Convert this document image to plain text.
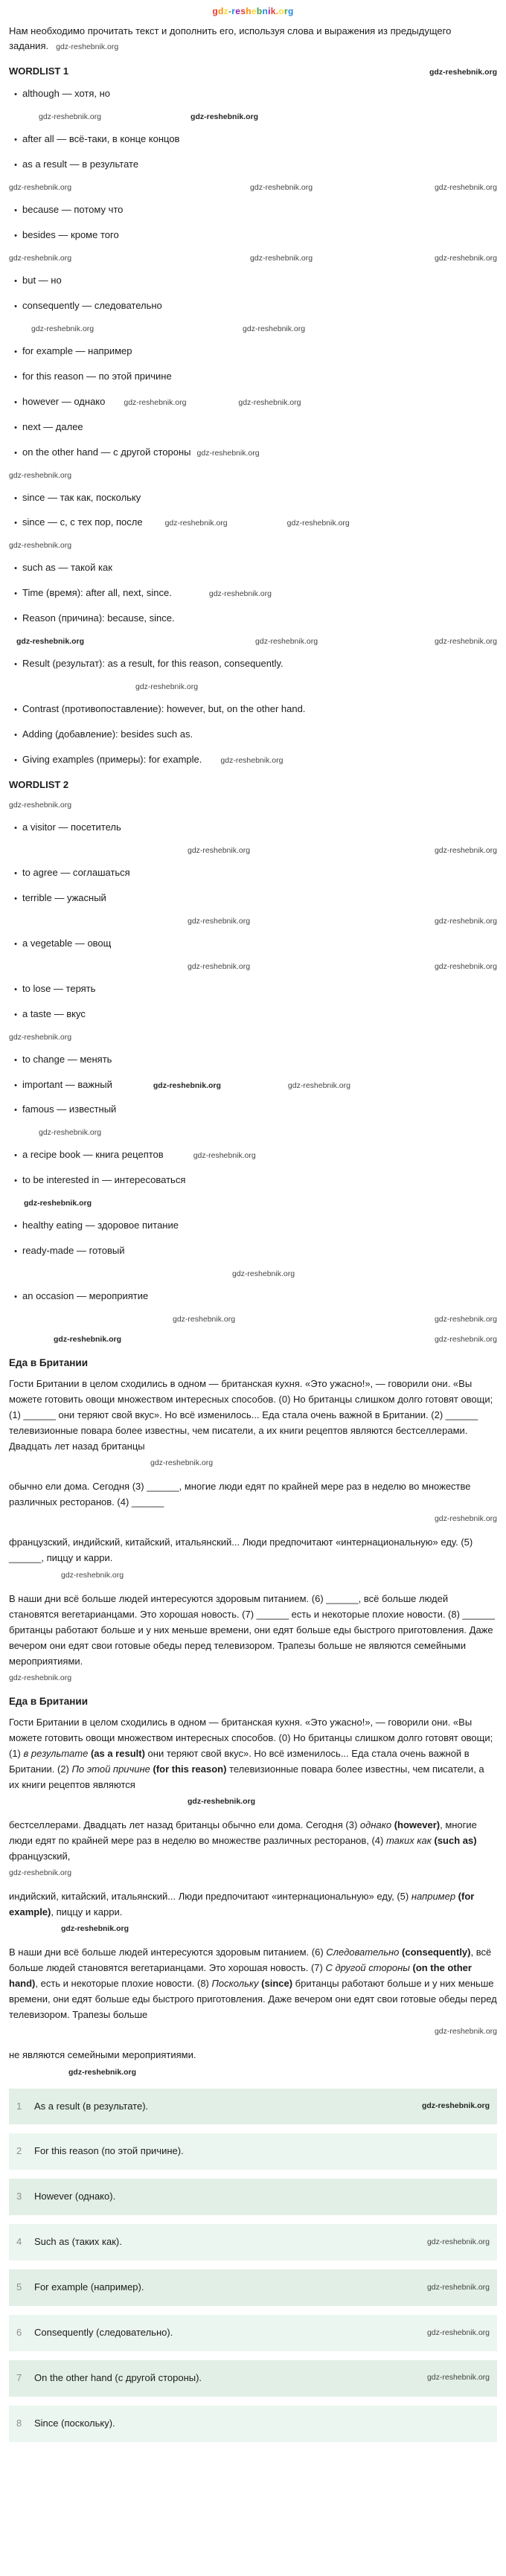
gdz-reshebnik.org

Нам необходимо прочитать текст и дополнить его, используя слова и выражения из предыдущего задания. gdz-reshebnik.org

WORDLIST 1	gdz-reshebnik.org
• although — хотя, но
gdz-reshebnik.org	gdz-reshebnik.org
• after all — всё-таки, в конце концов
• as a result — в результате
gdz-reshebnik.org	gdz-reshebnik.org	gdz-reshebnik.org
• because — потому что
• besides — кроме того
gdz-reshebnik.org	gdz-reshebnik.org	gdz-reshebnik.org
• but — но
• consequently — следовательно
gdz-reshebnik.org	gdz-reshebnik.org
• for example — например
• for this reason — по этой причине
• however — однако gdz-reshebnik.org	gdz-reshebnik.org
• next — далее
• on the other hand — с другой стороны gdz-reshebnik.org
gdz-reshebnik.org
• since — так как, поскольку
• since — с, с тех пор, после	gdz-reshebnik.org	gdz-reshebnik.org
gdz-reshebnik.org
• such as — такой как
• Time (время): after all, next, since.	gdz-reshebnik.org
• Reason (причина): because, since.
gdz-reshebnik.org	gdz-reshebnik.org	gdz-reshebnik.org
• Result (результат): as a result, for this reason, consequently.
gdz-reshebnik.org
• Contrast (противопоставление): however, but, on the other hand.
• Adding (добавление): besides such as.
• Giving examples (примеры): for example. gdz-reshebnik.org
WORDLIST 2
gdz-reshebnik.org
• a visitor — посетитель
gdz-reshebnik.org	gdz-reshebnik.org
• to agree — соглашаться
• terrible — ужасный
gdz-reshebnik.org	gdz-reshebnik.org
• a vegetable — овощ
gdz-reshebnik.org	gdz-reshebnik.org
• to lose — терять
• a taste — вкус
gdz-reshebnik.org
• to change — менять
• important — важный	gdz-reshebnik.org	gdz-reshebnik.org
• famous — известный
gdz-reshebnik.org
• a recipe book — книга рецептов	gdz-reshebnik.org
• to be interested in — интересоваться
gdz-reshebnik.org
• healthy eating — здоровое питание
• ready-made — готовый
gdz-reshebnik.org
• an occasion — мероприятие
gdz-reshebnik.org	gdz-reshebnik.org
gdz-reshebnik.org	gdz-reshebnik.org
Еда в Британии

Гости Британии в целом сходились в одном — британская кухня. «Это ужасно!», — говорили они. «Вы можете готовить овощи множеством интересных способов. (0) Но британцы слишком долго готовят овощи; (1) ______ они теряют свой вкус». Но всё изменилось... Еда стала очень важной в Британии. (2) ______ телевизионные повара более известны, чем писатели, а их книги рецептов являются бестселлерами. Двадцать лет назад британцы

gdz-reshebnik.org

обычно ели дома. Сегодня (3) ______, многие люди едят по крайней мере раз в неделю во множестве различных ресторанов. (4) ______

gdz-reshebnik.org

французский, индийский, китайский, итальянский... Люди предпочитают «интернациональную» еду. (5) ______, пиццу и карри.

gdz-reshebnik.org

В наши дни всё больше людей интересуются здоровым питанием. (6) ______, всё больше людей становятся вегетарианцами. Это хорошая новость. (7) ______ есть и некоторые плохие новости. (8) ______ британцы работают больше и у них меньше времени, они едят больше еды быстрого приготовления. Даже вечером они едят свои готовые обеды перед телевизором. Трапезы больше не являются семейными мероприятиями.

gdz-reshebnik.org
Еда в Британии

Гости Британии в целом сходились в одном — британская кухня. «Это ужасно!», — говорили они. «Вы можете готовить овощи множеством интересных способов. (0) Но британцы слишком долго готовят овощи; (1) в результате (as a result) они теряют свой вкус». Но всё изменилось... Еда стала очень важной в Британии. (2) По этой причине (for this reason) телевизионные повара более известны, чем писатели, а их книги рецептов являются

gdz-reshebnik.org

бестселлерами. Двадцать лет назад британцы обычно ели дома. Сегодня (3) однако (however), многие люди едят по крайней мере раз в неделю во множестве различных ресторанов, (4) таких как (such as) французский,

gdz-reshebnik.org

индийский, китайский, итальянский... Люди предпочитают «интернациональную» еду, (5) например (for example), пиццу и карри.

gdz-reshebnik.org

В наши дни всё больше людей интересуются здоровым питанием. (6) Следовательно (consequently), всё больше людей становятся вегетарианцами. Это хорошая новость. (7) С другой стороны (on the other hand), есть и некоторые плохие новости. (8) Поскольку (since) британцы работают больше и у них меньше времени, они едят больше еды быстрого приготовления. Даже вечером они едят свои готовые обеды перед телевизором. Трапезы больше

gdz-reshebnik.org

не являются семейными мероприятиями.

gdz-reshebnik.org
1	As a result (в результате).	gdz-reshebnik.org
2	For this reason (по этой причине).
3	However (однако).
4	Such as (таких как).	gdz-reshebnik.org
5	For example (например).	gdz-reshebnik.org
6	Consequently (следовательно).	gdz-reshebnik.org
7	On the other hand (с другой стороны).	gdz-reshebnik.org
8	Since (поскольку).
